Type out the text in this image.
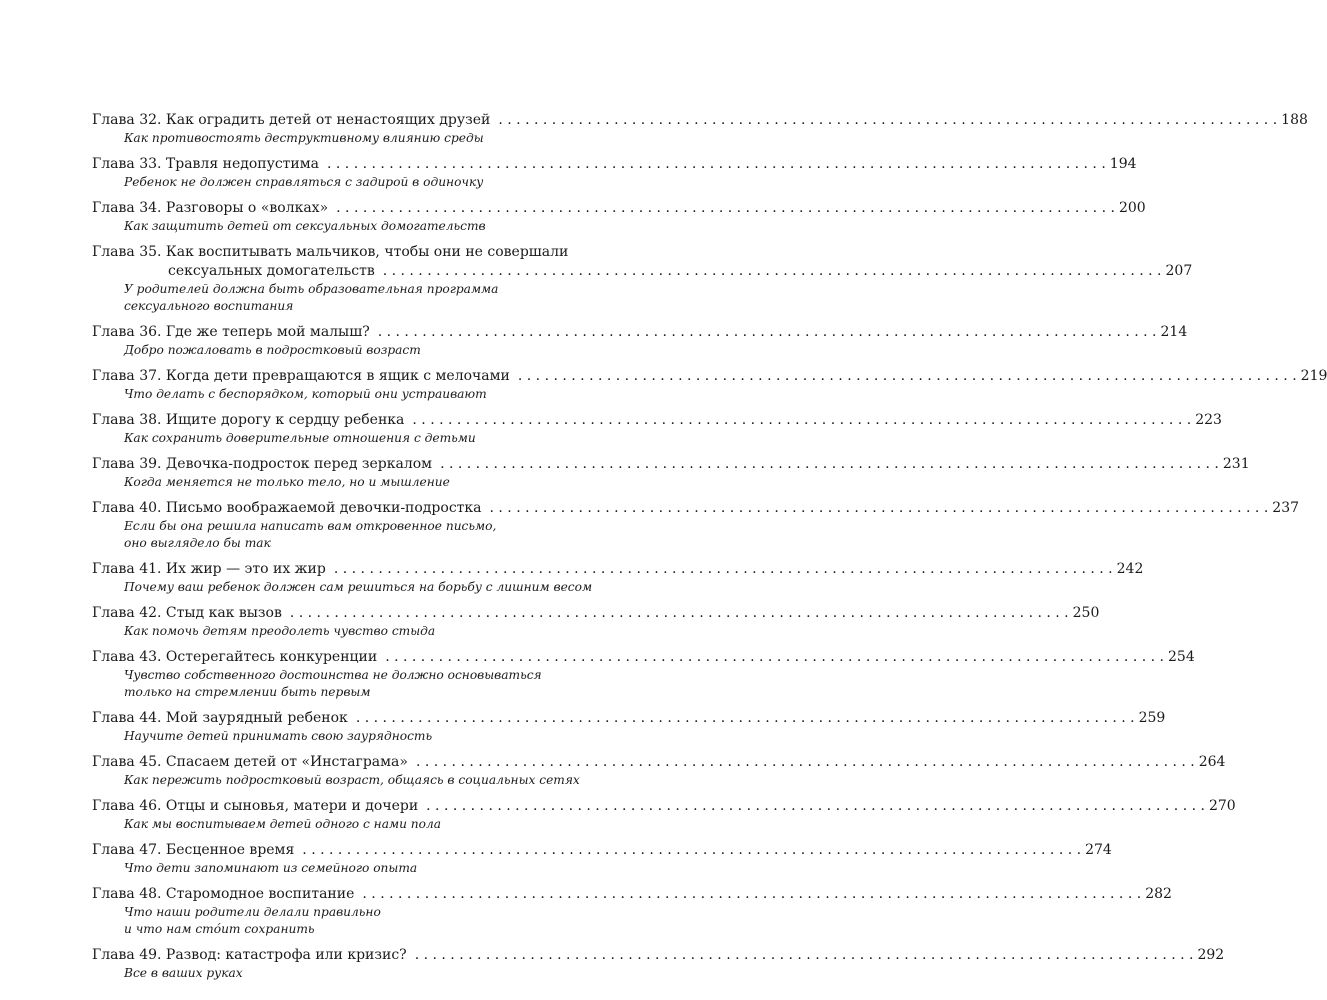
Глава 32. Как оградить детей от ненастоящих друзей . . .	188
Как противостоять деструктивному влиянию среды
Глава 33. Травля недопустима . . .	194
Ребенок не должен справляться с задирой в одиночку
Глава 34. Разговоры о «волках» . . .	200
Как защитить детей от сексуальных домогательств
Глава 35. Как воспитывать мальчиков, чтобы они не совершали
сексуальных домогательств . . .	207
У родителей должна быть образовательная программа
сексуального воспитания
Глава 36. Где же теперь мой малыш? . . .	214
Добро пожаловать в подростковый возраст
Глава 37. Когда дети превращаются в ящик с мелочами . . .	219
Что делать с беспорядком, который они устраивают
Глава 38. Ищите дорогу к сердцу ребенка . . .	223
Как сохранить доверительные отношения с детьми
Глава 39. Девочка-подросток перед зеркалом . . .	231
Когда меняется не только тело, но и мышление
Глава 40. Письмо воображаемой девочки-подростка . . .	237
Если бы она решила написать вам откровенное письмо,
оно выглядело бы так
Глава 41. Их жир — это их жир . . .	242
Почему ваш ребенок должен сам решиться на борьбу с лишним весом
Глава 42. Стыд как вызов . . .	250
Как помочь детям преодолеть чувство стыда
Глава 43. Остерегайтесь конкуренции . . .	254
Чувство собственного достоинства не должно основываться
только на стремлении быть первым
Глава 44. Мой заурядный ребенок . . .	259
Научите детей принимать свою заурядность
Глава 45. Спасаем детей от «Инстаграма» . . .	264
Как пережить подростковый возраст, общаясь в социальных сетях
Глава 46. Отцы и сыновья, матери и дочери . . .	270
Как мы воспитываем детей одного с нами пола
Глава 47. Бесценное время . . .	274
Что дети запоминают из семейного опыта
Глава 48. Старомодное воспитание . . .	282
Что наши родители делали правильно
и что нам стóит сохранить
Глава 49. Развод: катастрофа или кризис? . . .	292
Все в ваших руках
